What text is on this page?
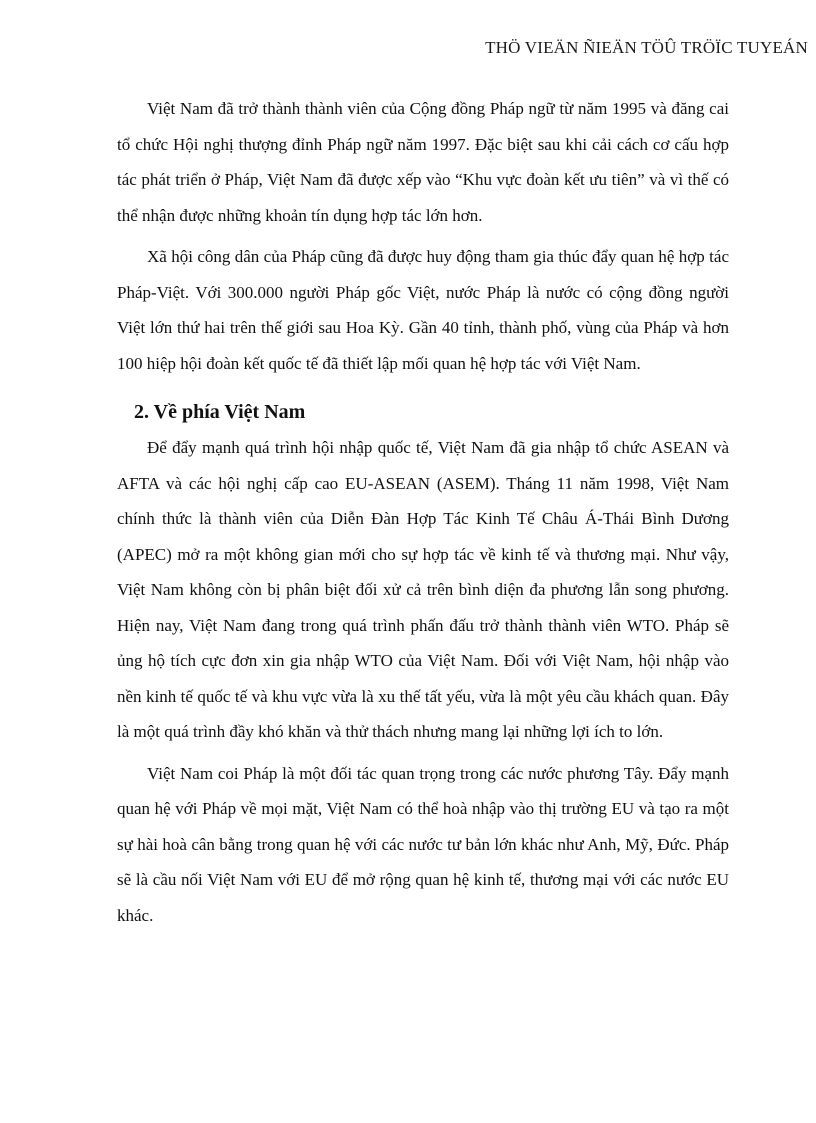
THÖ VIEÄN ÑIEÄN TÖÛ TRÖÏC TUYEÁN

Việt Nam đã trở thành thành viên của Cộng đồng Pháp ngữ từ năm 1995 và đăng cai tổ chức Hội nghị thượng đỉnh Pháp ngữ năm 1997. Đặc biệt sau khi cải cách cơ cấu hợp tác phát triển ở Pháp, Việt Nam đã được xếp vào “Khu vực đoàn kết ưu tiên” và vì thế có thể nhận được những khoản tín dụng hợp tác lớn hơn.

Xã hội công dân của Pháp cũng đã được huy động tham gia thúc đẩy quan hệ hợp tác Pháp-Việt. Với 300.000 người Pháp gốc Việt, nước Pháp là nước có cộng đồng người Việt lớn thứ hai trên thế giới sau Hoa Kỳ. Gần 40 tỉnh, thành phố, vùng của Pháp và hơn 100 hiệp hội đoàn kết quốc tế đã thiết lập mối quan hệ hợp tác với Việt Nam.

2. Về phía Việt Nam

Để đẩy mạnh quá trình hội nhập quốc tế, Việt Nam đã gia nhập tổ chức ASEAN và AFTA và các hội nghị cấp cao EU-ASEAN (ASEM). Tháng 11 năm 1998, Việt Nam chính thức là thành viên của Diễn Đàn Hợp Tác Kinh Tế Châu Á-Thái Bình Dương (APEC) mở ra một không gian mới cho sự hợp tác về kinh tế và thương mại. Như vậy, Việt Nam không còn bị phân biệt đối xử cả trên bình diện đa phương lẫn song phương. Hiện nay, Việt Nam đang trong quá trình phấn đấu trở thành thành viên WTO. Pháp sẽ ủng hộ tích cực đơn xin gia nhập WTO của Việt Nam. Đối với Việt Nam, hội nhập vào nền kinh tế quốc tế và khu vực vừa là xu thế tất yếu, vừa là một yêu cầu khách quan. Đây là một quá trình đầy khó khăn và thử thách nhưng mang lại những lợi ích to lớn.

Việt Nam coi Pháp là một đối tác quan trọng trong các nước phương Tây. Đẩy mạnh quan hệ với Pháp về mọi mặt, Việt Nam có thể hoà nhập vào thị trường EU và tạo ra một sự hài hoà cân bằng trong quan hệ với các nước tư bản lớn khác như Anh, Mỹ, Đức. Pháp sẽ là cầu nối Việt Nam với EU để mở rộng quan hệ kinh tế, thương mại với các nước EU khác.
